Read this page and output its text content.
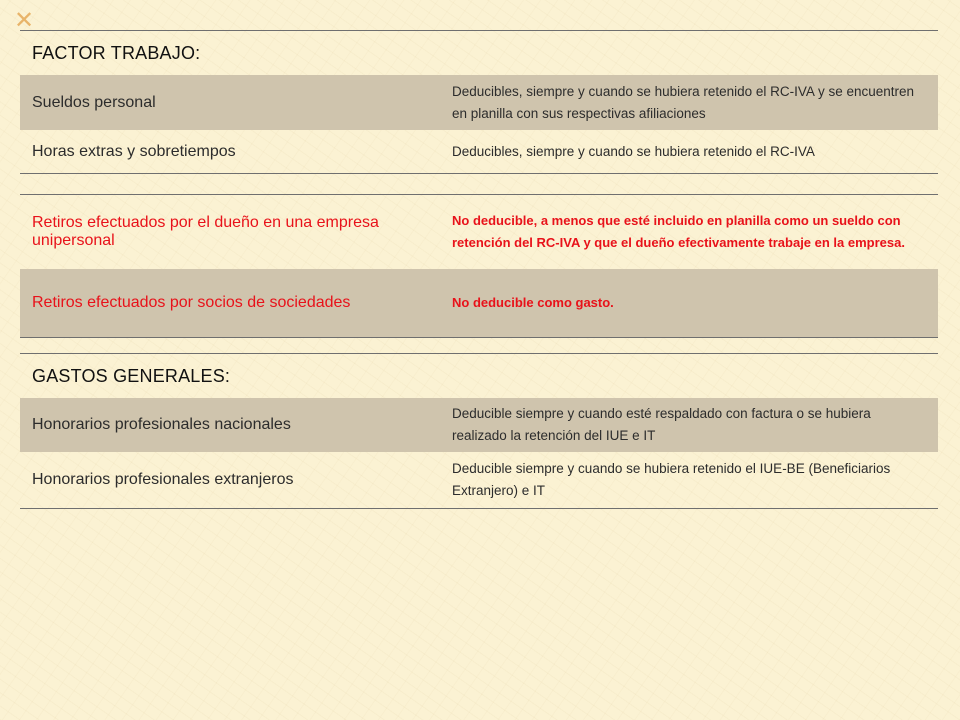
✕
FACTOR TRABAJO:
Sueldos personal
Deducibles, siempre y cuando se hubiera retenido el RC-IVA y se encuentren en planilla con sus respectivas afiliaciones
Horas extras y sobretiempos	Deducibles, siempre y cuando se hubiera retenido el RC-IVA
Retiros efectuados por el dueño en una empresa unipersonal
No deducible, a menos que esté incluido en planilla como un sueldo con retención del RC-IVA y que el dueño efectivamente trabaje en la empresa.
Retiros efectuados por socios de sociedades	No deducible como gasto.
GASTOS GENERALES:
Honorarios profesionales nacionales
Deducible siempre y cuando esté respaldado con factura o se hubiera realizado la retención del IUE e IT
Honorarios profesionales extranjeros
Deducible siempre y cuando se hubiera retenido el IUE-BE (Beneficiarios Extranjero) e IT
